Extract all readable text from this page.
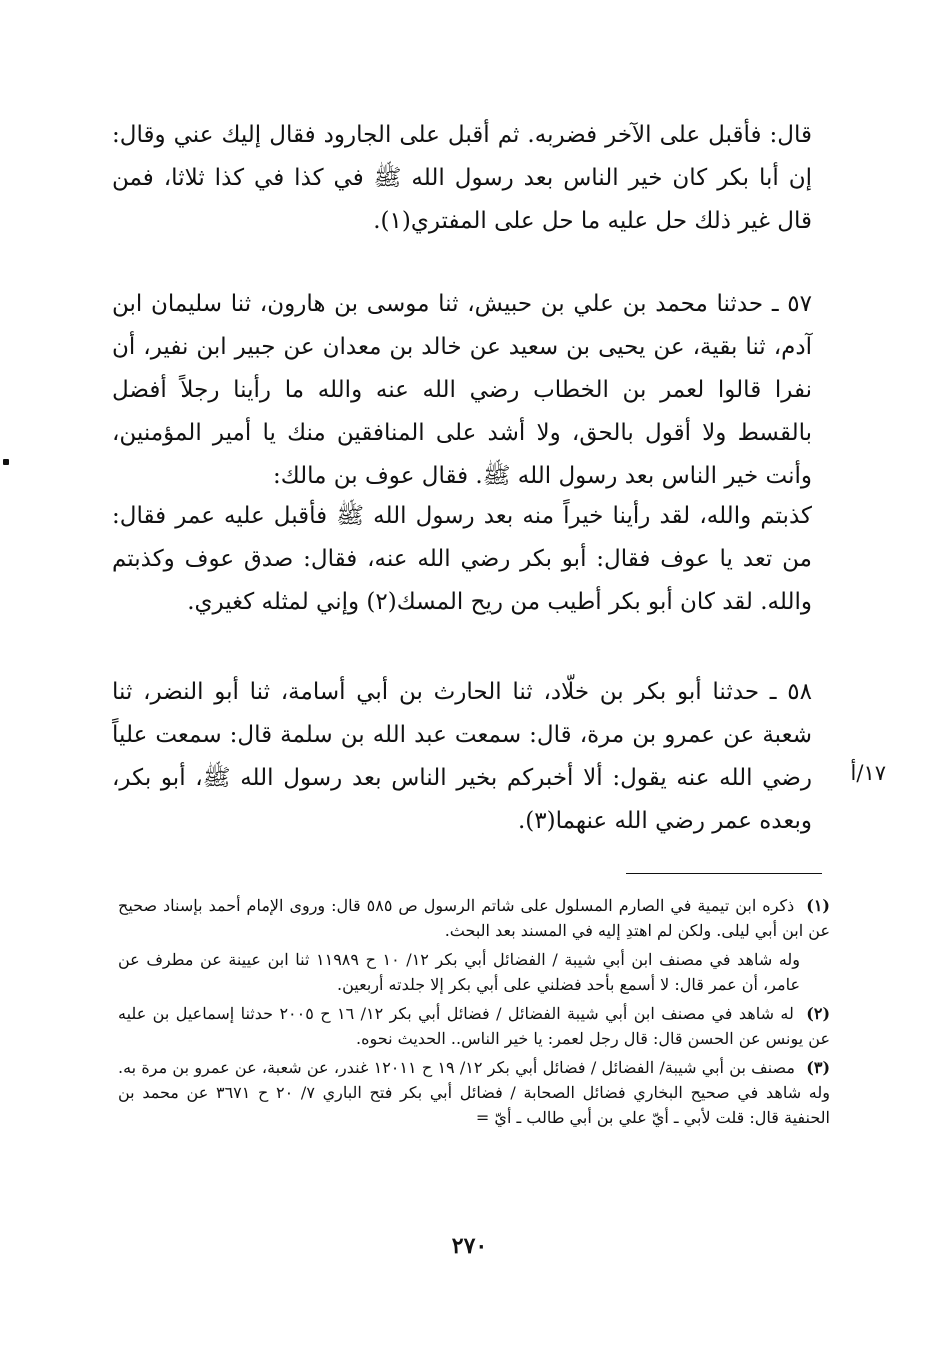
قال: فأقبل على الآخر فضربه. ثم أقبل على الجارود فقال إليك عني وقال: إن أبا بكر كان خير الناس بعد رسول الله ﷺ في كذا في كذا ثلاثا، فمن قال غير ذلك حل عليه ما حل على المفتري(١).

٥٧ ـ حدثنا محمد بن علي بن حبيش، ثنا موسى بن هارون، ثنا سليمان ابن آدم، ثنا بقية، عن يحيى بن سعيد عن خالد بن معدان عن جبير ابن نفير، أن نفرا قالوا لعمر بن الخطاب رضي الله عنه والله ما رأينا رجلاً أفضل بالقسط ولا أقول بالحق، ولا أشد على المنافقين منك يا أمير المؤمنين، وأنت خير الناس بعد رسول الله ﷺ. فقال عوف بن مالك:

كذبتم والله، لقد رأينا خيراً منه بعد رسول الله ﷺ فأقبل عليه عمر فقال: من تعد يا عوف فقال: أبو بكر رضي الله عنه، فقال: صدق عوف وكذبتم والله. لقد كان أبو بكر أطيب من ريح المسك(٢) وإني لمثله كغيري.

٥٨ ـ حدثنا أبو بكر بن خلّاد، ثنا الحارث بن أبي أسامة، ثنا أبو النضر، ثنا شعبة عن عمرو بن مرة، قال: سمعت عبد الله بن سلمة قال: سمعت علياً رضي الله عنه يقول: ألا أخبركم بخير الناس بعد رسول الله ﷺ، أبو بكر، وبعده عمر رضي الله عنهما(٣).

١٧/أ

(١) ذكره ابن تيمية في الصارم المسلول على شاتم الرسول ص ٥٨٥ قال: وروى الإمام أحمد بإسناد صحيح عن ابن أبي ليلى. ولكن لم اهتدِ إليه في المسند بعد البحث.

وله شاهد في مصنف ابن أبي شيبة / الفضائل أبي بكر ١٢/ ١٠ ح ١١٩٨٩ ثنا ابن عيينة عن مطرف عن عامر، أن عمر قال: لا أسمع بأحد فضلني على أبي بكر إلا جلدته أربعين.

(٢) له شاهد في مصنف ابن أبي شيبة الفضائل / فضائل أبي بكر ١٢/ ١٦ ح ٢٠٠٥ حدثنا إسماعيل بن عليه عن يونس عن الحسن قال: قال رجل لعمر: يا خير الناس.. الحديث نحوه.

(٣) مصنف بن أبي شيبة/ الفضائل / فضائل أبي بكر ١٢/ ١٩ ح ١٢٠١١ غندر، عن شعبة، عن عمرو بن مرة به. وله شاهد في صحيح البخاري فضائل الصحابة / فضائل أبي بكر فتح الباري ٧/ ٢٠ ح ٣٦٧١ عن محمد بن الحنفية قال: قلت لأبي ـ أيّ علي بن أبي طالب ـ أيّ =

٢٧٠
